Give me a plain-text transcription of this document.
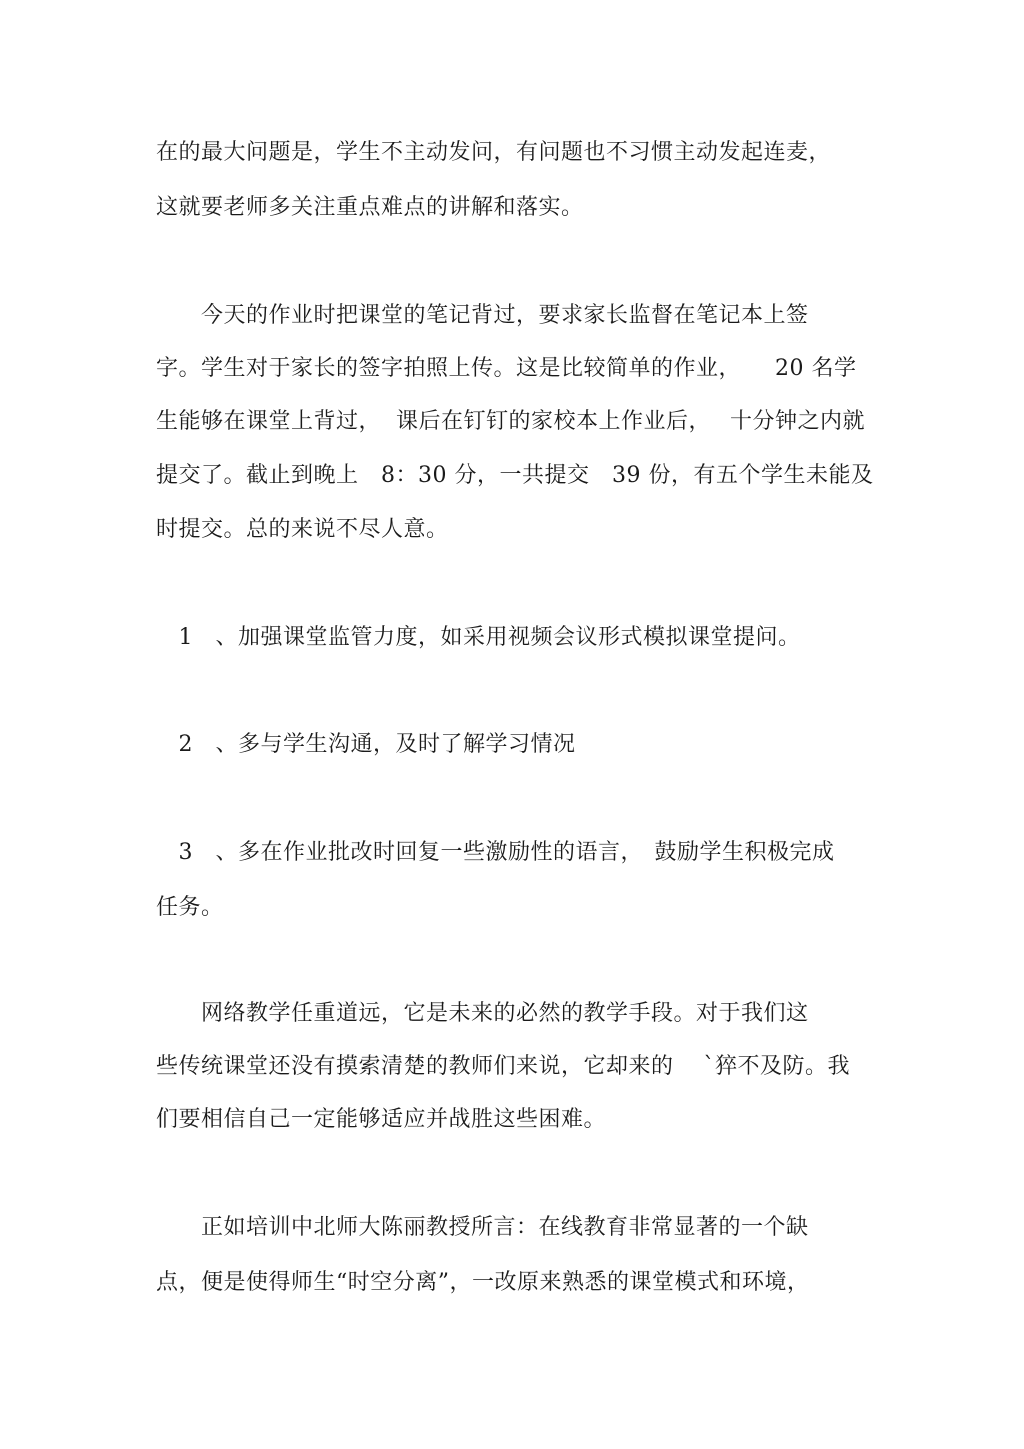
在的最大问题是，学生不主动发问，有问题也不习惯主动发起连麦，
这就要老师多关注重点难点的讲解和落实。
　　今天的作业时把课堂的笔记背过，要求家长监督在笔记本上签
字。学生对于家长的签字拍照上传。这是比较简单的作业，　　20 名学
生能够在课堂上背过，  课后在钉钉的家校本上作业后，　 十分钟之内就
提交了。截止到晚上　8：30 分，一共提交　39 份，有五个学生未能及
时提交。总的来说不尽人意。
　1　、加强课堂监管力度，如采用视频会议形式模拟课堂提问。
　2　、多与学生沟通，及时了解学习情况
　3　、多在作业批改时回复一些激励性的语言，　鼓励学生积极完成
任务。
　　网络教学任重道远，它是未来的必然的教学手段。对于我们这
些传统课堂还没有摸索清楚的教师们来说，它却来的　 `猝不及防。我
们要相信自己一定能够适应并战胜这些困难。
　　正如培训中北师大陈丽教授所言：在线教育非常显著的一个缺
点，便是使得师生“时空分离”，一改原来熟悉的课堂模式和环境，
